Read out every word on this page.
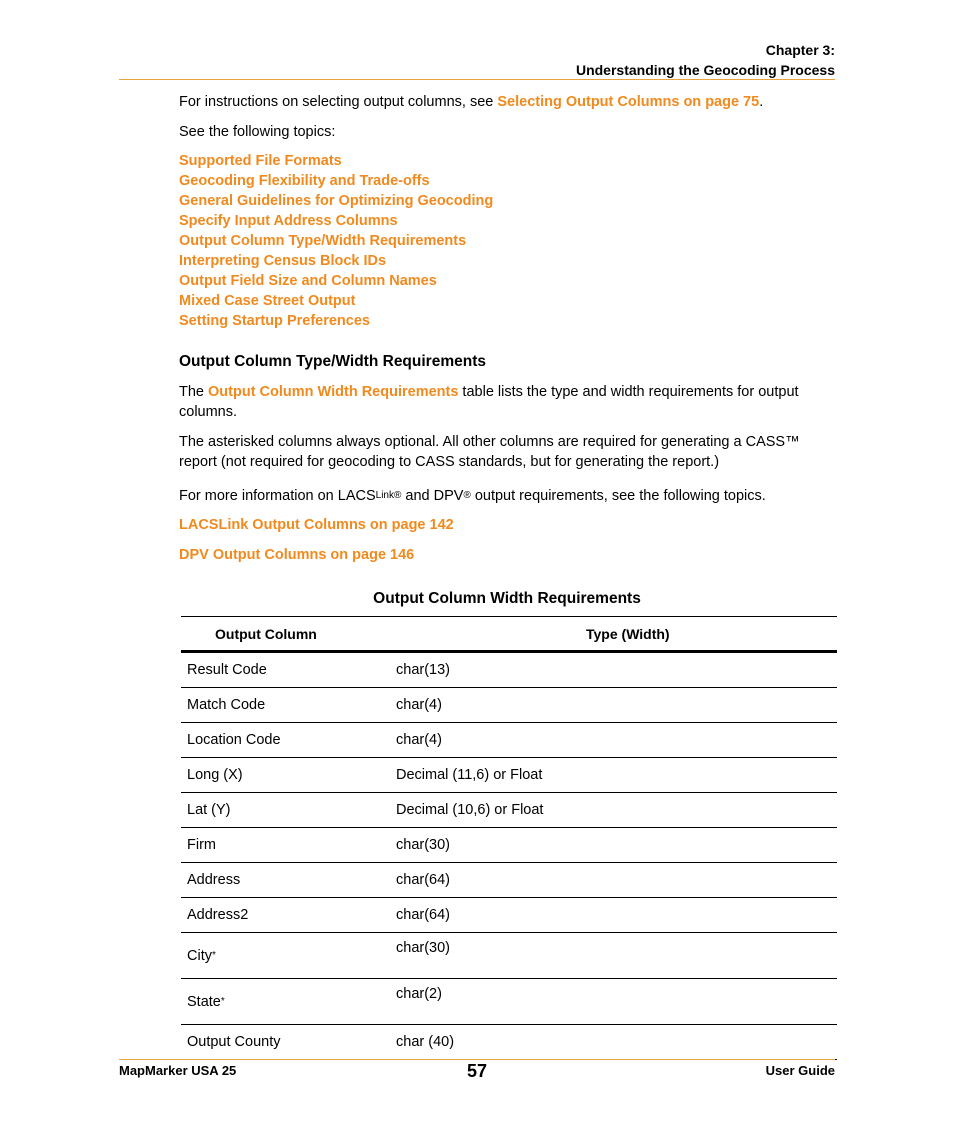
Chapter 3:
Understanding the Geocoding Process

For instructions on selecting output columns, see Selecting Output Columns on page 75.

See the following topics:

Supported File Formats
Geocoding Flexibility and Trade-offs
General Guidelines for Optimizing Geocoding
Specify Input Address Columns
Output Column Type/Width Requirements
Interpreting Census Block IDs
Output Field Size and Column Names
Mixed Case Street Output
Setting Startup Preferences
Output Column Type/Width Requirements

The Output Column Width Requirements table lists the type and width requirements for output columns.

The asterisked columns always optional. All other columns are required for generating a CASS™ report (not required for geocoding to CASS standards, but for generating the report.)

For more information on $LACS^{Link®}$ and DPV® output requirements, see the following topics.

LACSLink Output Columns on page 142

DPV Output Columns on page 146

Output Column Width Requirements
Output Column	Type (Width)
Result Code	char(13)
Match Code	char(4)
Location Code	char(4)
Long (X)	Decimal (11,6) or Float
Lat (Y)	Decimal (10,6) or Float
Firm	char(30)
Address	char(64)
Address2	char(64)
City*	char(30)
State*	char(2)
Output County	char (40)
MapMarker USA 25	57	User Guide
